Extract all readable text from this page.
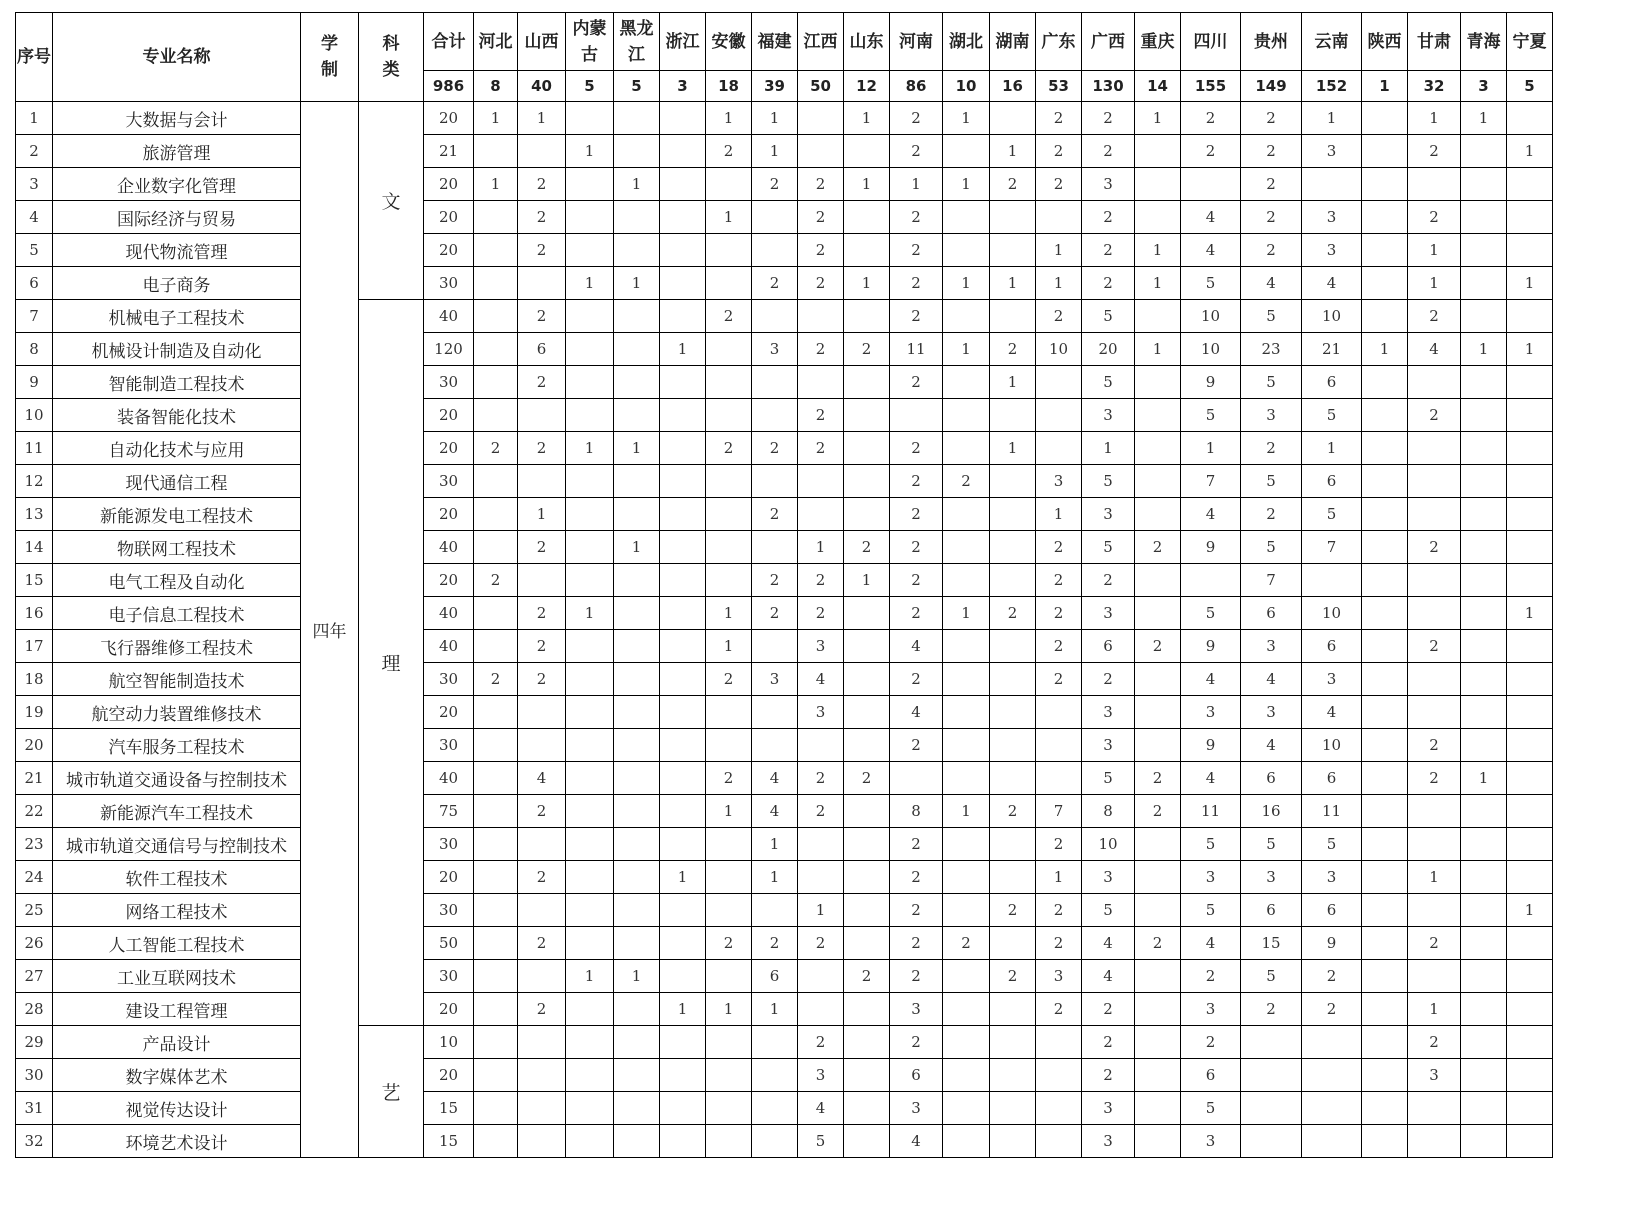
序号	专业名称	学制	科类	合计	河北	山西	内蒙古	黑龙江	浙江	安徽	福建	江西	山东	河南	湖北	湖南	广东	广西	重庆	四川	贵州	云南	陕西	甘肃	青海	宁夏
				986	8	40	5	5	3	18	39	50	12	86	10	16	53	130	14	155	149	152	1	32	3	5
1	大数据与会计	四年	文	20	1	1				1	1		1	2	1		2	2	1	2	2	1		1	1	
2	旅游管理			21			1			2	1			2		1	2	2		2	2	3		2		1
3	企业数字化管理			20	1	2		1			2	2	1	1	1	2	2	3			2					
4	国际经济与贸易			20		2				1		2		2				2		4	2	3		2		
5	现代物流管理			20		2						2		2			1	2	1	4	2	3		1		
6	电子商务			30			1	1			2	2	1	2	1	1	1	2	1	5	4	4		1		1
7	机械电子工程技术		理	40		2				2				2			2	5		10	5	10		2		
8	机械设计制造及自动化			120		6			1		3	2	2	11	1	2	10	20	1	10	23	21	1	4	1	1
9	智能制造工程技术			30		2								2		1		5		9	5	6				
10	装备智能化技术			20								2						3		5	3	5		2		
11	自动化技术与应用			20	2	2	1	1		2	2	2		2		1		1		1	2	1				
12	现代通信工程			30										2	2		3	5		7	5	6				
13	新能源发电工程技术			20		1					2			2			1	3		4	2	5				
14	物联网工程技术			40		2		1				1	2	2			2	5	2	9	5	7		2		
15	电气工程及自动化			20	2						2	2	1	2			2	2			7					
16	电子信息工程技术			40		2	1			1	2	2		2	1	2	2	3		5	6	10				1
17	飞行器维修工程技术			40		2				1		3		4			2	6	2	9	3	6		2		
18	航空智能制造技术			30	2	2				2	3	4		2			2	2		4	4	3				
19	航空动力装置维修技术			20								3		4				3		3	3	4				
20	汽车服务工程技术			30										2				3		9	4	10		2		
21	城市轨道交通设备与控制技术			40		4				2	4	2	2					5	2	4	6	6		2	1	
22	新能源汽车工程技术			75		2				1	4	2		8	1	2	7	8	2	11	16	11				
23	城市轨道交通信号与控制技术			30							1			2			2	10		5	5	5				
24	软件工程技术			20		2			1		1			2			1	3		3	3	3		1		
25	网络工程技术			30								1		2		2	2	5		5	6	6				1
26	人工智能工程技术			50		2				2	2	2		2	2		2	4	2	4	15	9		2		
27	工业互联网技术			30			1	1			6		2	2		2	3	4		2	5	2				
28	建设工程管理			20		2			1	1	1			3			2	2		3	2	2		1		
29	产品设计		艺	10								2		2				2		2				2		
30	数字媒体艺术			20								3		6				2		6				3		
31	视觉传达设计			15								4		3				3		5						
32	环境艺术设计			15								5		4				3		3						
